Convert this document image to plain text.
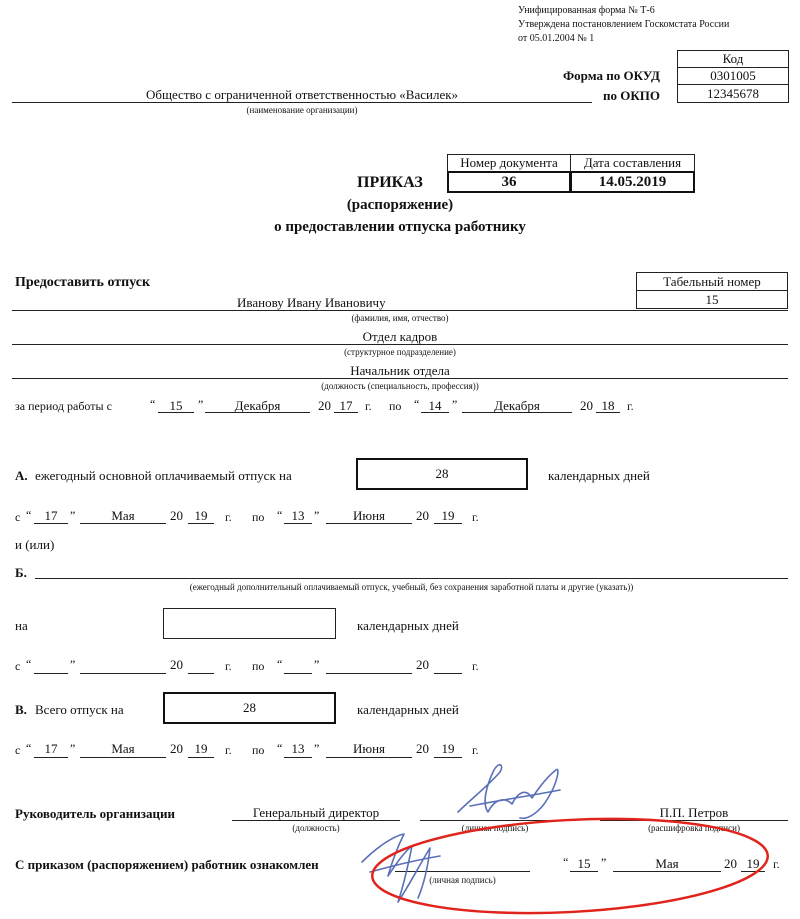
Унифицированная форма № Т-6
Утверждена постановлением Госкомстата России
от 05.01.2004 № 1
Код
Форма по ОКУД	0301005
по ОКПО	12345678
Общество с ограниченной ответственностью «Василек»
(наименование организации)
Номер документа	Дата составления
36	14.05.2019
ПРИКАЗ
(распоряжение)
о предоставлении отпуска работнику
Предоставить отпуск	Табельный номер
15
Иванову Ивану Ивановичу
(фамилия, имя, отчество)
Отдел кадров
(структурное подразделение)
Начальник отдела
(должность (специальность, профессия))
за период работы с	“	15	”	Декабря	20 17	г. по “ 14 ”	Декабря	20 18	г.
А. ежегодный основной оплачиваемый отпуск на	28	календарных дней
с “	17	”	Мая	20 19	г. по “ 13 ”	Июня	20 19	г.
и (или)
Б.
(ежегодный дополнительный оплачиваемый отпуск, учебный, без сохранения заработной платы и другие (указать))
на	календарных дней
с “	”	20	г. по “	”	20	г.
В. Всего отпуск на	28	календарных дней
с “	17	”	Мая	20 19	г. по “ 13 ”	Июня	20 19	г.
Руководитель организации	Генеральный директор
(должность)	(личная подпись)
П.П. Петров
(расшифровка подписи)
С приказом (распоряжением) работник ознакомлен
(личная подпись)
“ 15 ”	Мая	20 19	г.
